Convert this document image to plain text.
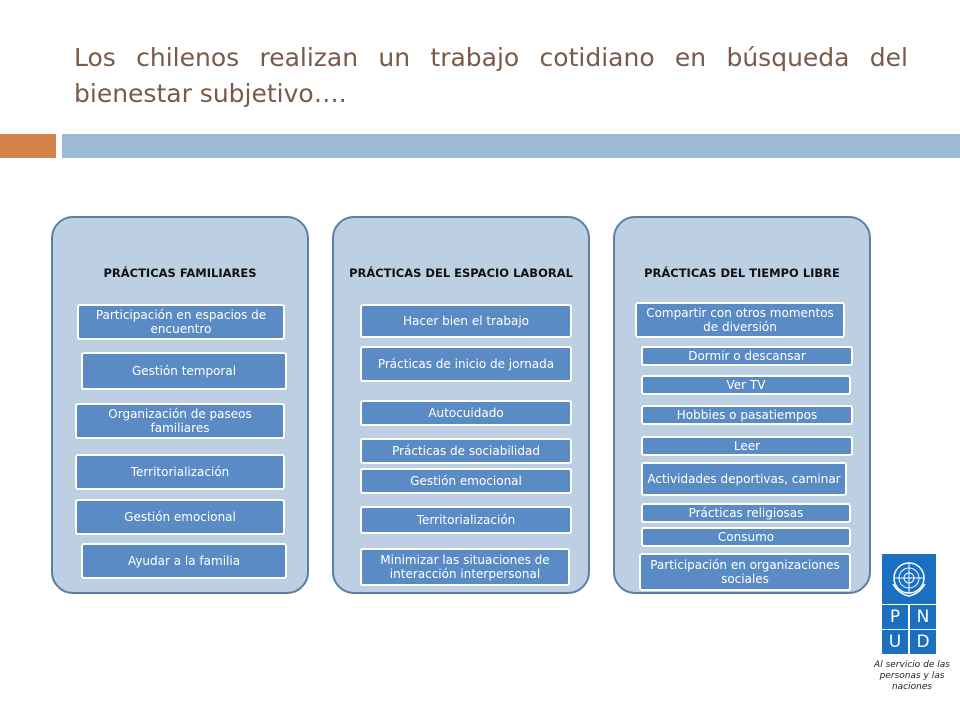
Los chilenos realizan un trabajo cotidiano en búsqueda del
bienestar subjetivo….
PRÁCTICAS FAMILIARES
Participación en espacios de encuentro
Gestión temporal
Organización de paseos familiares
Territorialización
Gestión emocional
Ayudar a la familia
PRÁCTICAS DEL ESPACIO LABORAL
Hacer bien el trabajo
Prácticas de inicio de jornada
Autocuidado
Prácticas de sociabilidad
Gestión emocional
Territorialización
Minimizar las situaciones de interacción interpersonal
PRÁCTICAS DEL TIEMPO LIBRE
Compartir con otros momentos de diversión
Dormir o descansar
Ver TV
Hobbies o pasatiempos
Leer
Actividades deportivas, caminar
Prácticas religiosas
Consumo
Participación en organizaciones sociales
P N
U D
Al servicio de las personas y las naciones
